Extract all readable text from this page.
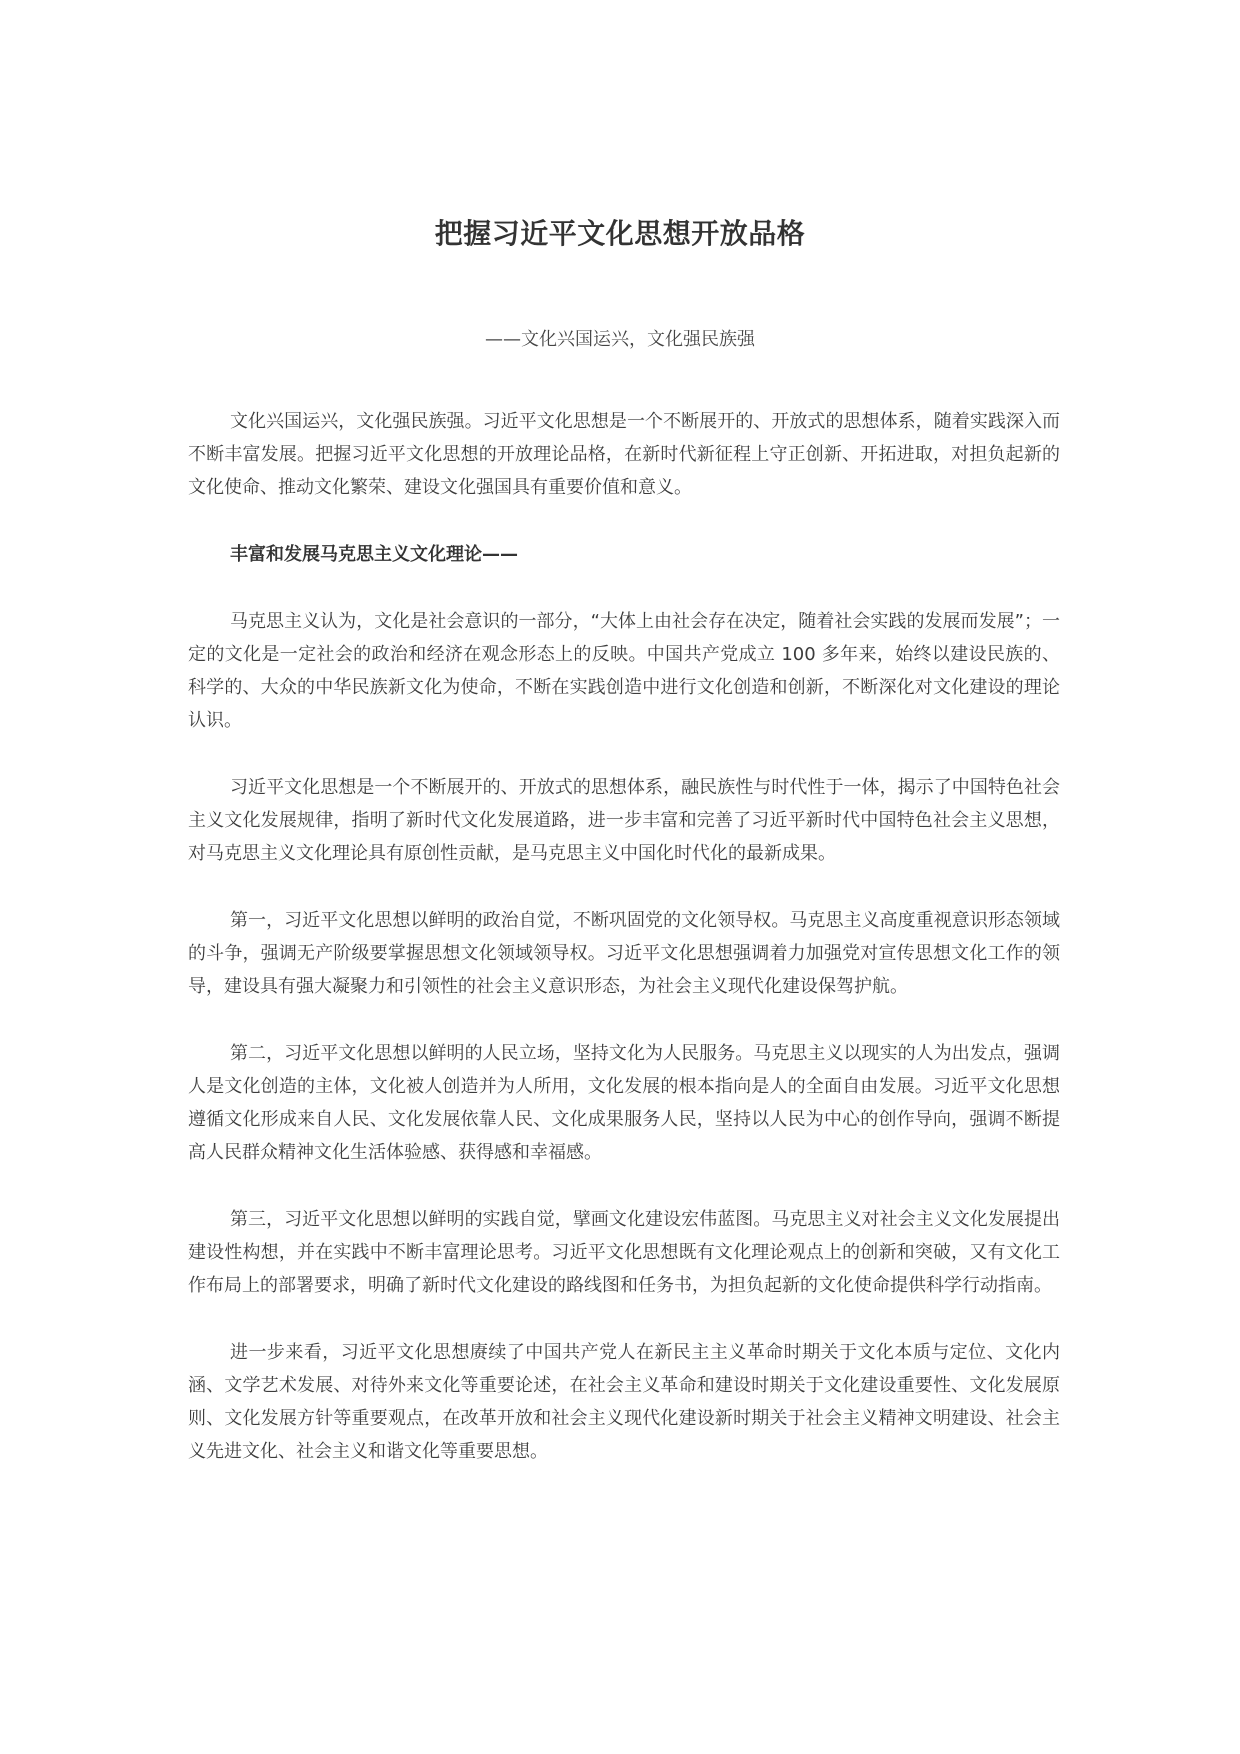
把握习近平文化思想开放品格
——文化兴国运兴，文化强民族强

文化兴国运兴，文化强民族强。习近平文化思想是一个不断展开的、开放式的思想体系，随着实践深入而不断丰富发展。把握习近平文化思想的开放理论品格，在新时代新征程上守正创新、开拓进取，对担负起新的文化使命、推动文化繁荣、建设文化强国具有重要价值和意义。

丰富和发展马克思主义文化理论——

马克思主义认为，文化是社会意识的一部分，“大体上由社会存在决定，随着社会实践的发展而发展”；一定的文化是一定社会的政治和经济在观念形态上的反映。中国共产党成立 100 多年来，始终以建设民族的、科学的、大众的中华民族新文化为使命，不断在实践创造中进行文化创造和创新，不断深化对文化建设的理论认识。

习近平文化思想是一个不断展开的、开放式的思想体系，融民族性与时代性于一体，揭示了中国特色社会主义文化发展规律，指明了新时代文化发展道路，进一步丰富和完善了习近平新时代中国特色社会主义思想，对马克思主义文化理论具有原创性贡献，是马克思主义中国化时代化的最新成果。

第一，习近平文化思想以鲜明的政治自觉，不断巩固党的文化领导权。马克思主义高度重视意识形态领域的斗争，强调无产阶级要掌握思想文化领域领导权。习近平文化思想强调着力加强党对宣传思想文化工作的领导，建设具有强大凝聚力和引领性的社会主义意识形态，为社会主义现代化建设保驾护航。

第二，习近平文化思想以鲜明的人民立场，坚持文化为人民服务。马克思主义以现实的人为出发点，强调人是文化创造的主体，文化被人创造并为人所用，文化发展的根本指向是人的全面自由发展。习近平文化思想遵循文化形成来自人民、文化发展依靠人民、文化成果服务人民，坚持以人民为中心的创作导向，强调不断提高人民群众精神文化生活体验感、获得感和幸福感。

第三，习近平文化思想以鲜明的实践自觉，擘画文化建设宏伟蓝图。马克思主义对社会主义文化发展提出建设性构想，并在实践中不断丰富理论思考。习近平文化思想既有文化理论观点上的创新和突破，又有文化工作布局上的部署要求，明确了新时代文化建设的路线图和任务书，为担负起新的文化使命提供科学行动指南。

进一步来看，习近平文化思想赓续了中国共产党人在新民主主义革命时期关于文化本质与定位、文化内涵、文学艺术发展、对待外来文化等重要论述，在社会主义革命和建设时期关于文化建设重要性、文化发展原则、文化发展方针等重要观点，在改革开放和社会主义现代化建设新时期关于社会主义精神文明建设、社会主义先进文化、社会主义和谐文化等重要思想。
